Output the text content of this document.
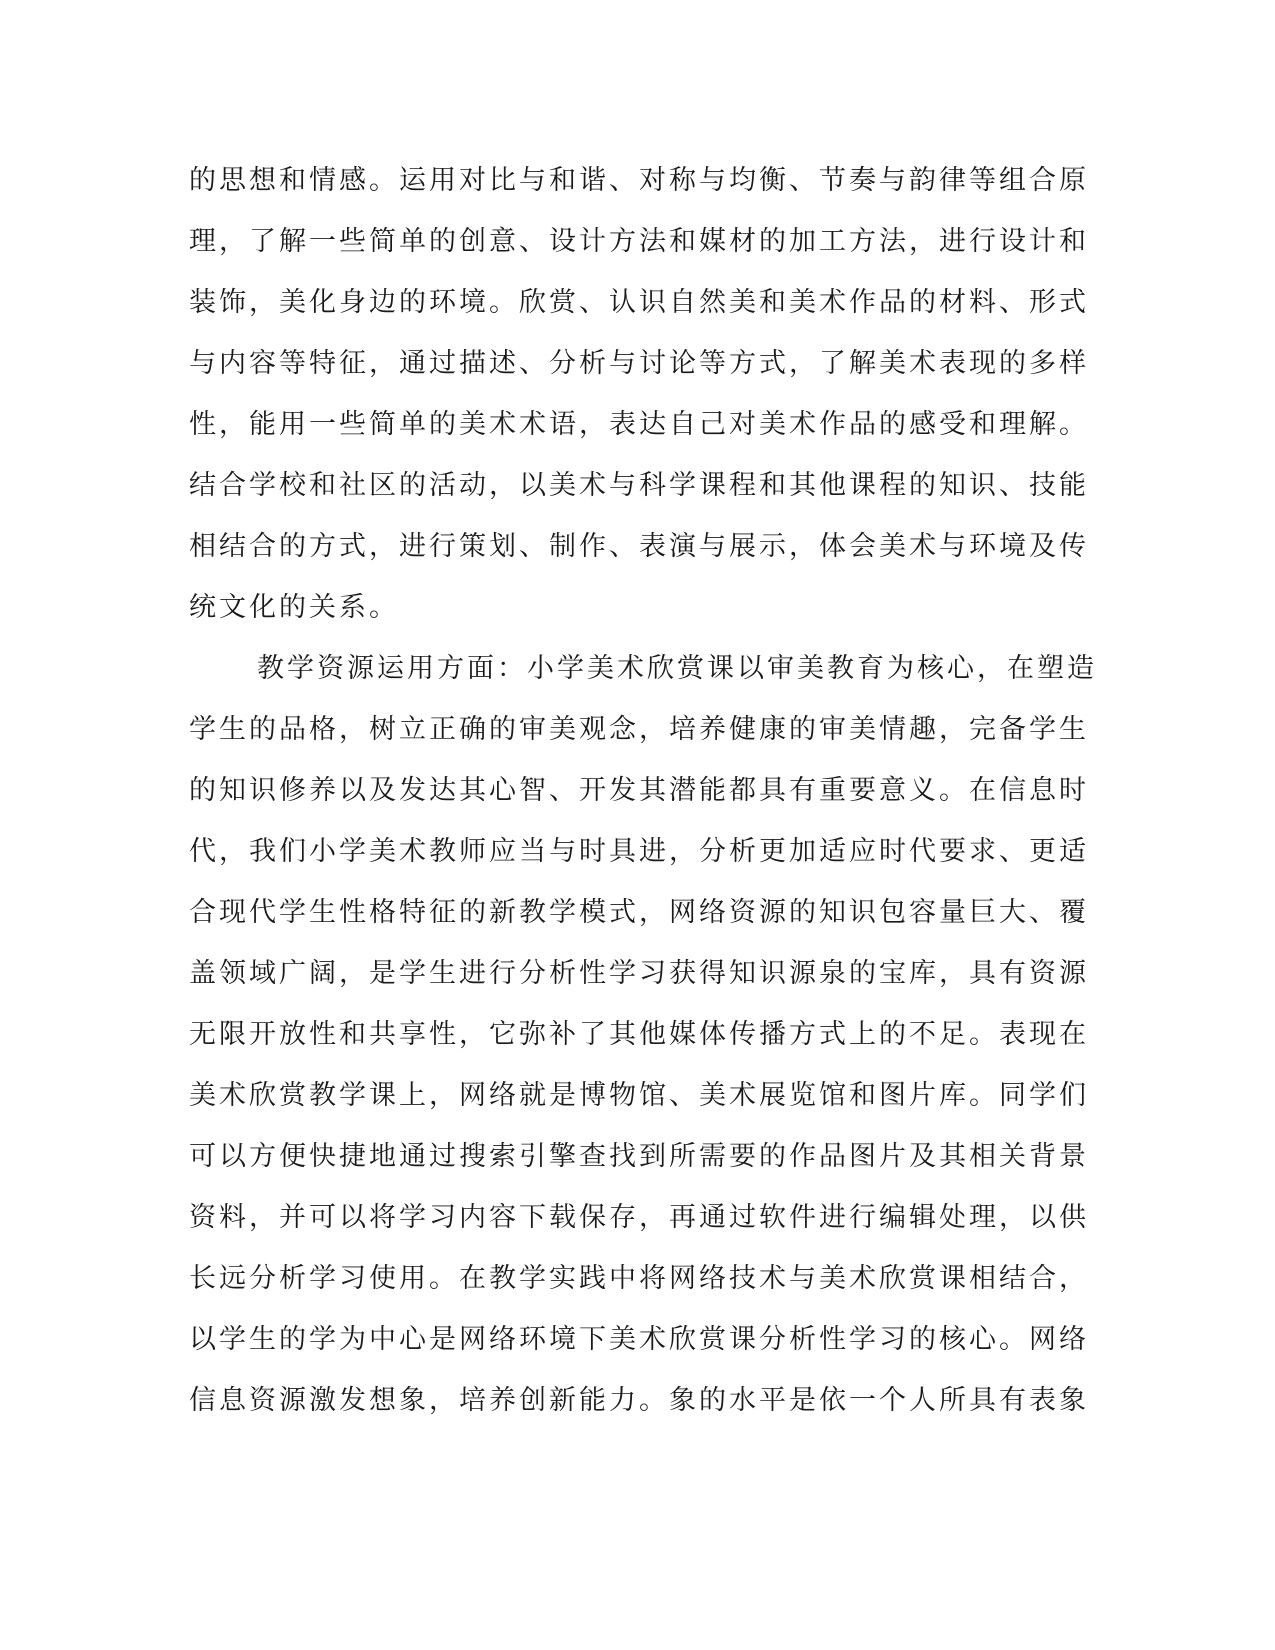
的思想和情感。运用对比与和谐、对称与均衡、节奏与韵律等组合原
理，了解一些简单的创意、设计方法和媒材的加工方法，进行设计和
装饰，美化身边的环境。欣赏、认识自然美和美术作品的材料、形式
与内容等特征，通过描述、分析与讨论等方式，了解美术表现的多样
性，能用一些简单的美术术语，表达自己对美术作品的感受和理解。
结合学校和社区的活动，以美术与科学课程和其他课程的知识、技能
相结合的方式，进行策划、制作、表演与展示，体会美术与环境及传
统文化的关系。
教学资源运用方面：小学美术欣赏课以审美教育为核心，在塑造
学生的品格，树立正确的审美观念，培养健康的审美情趣，完备学生
的知识修养以及发达其心智、开发其潜能都具有重要意义。在信息时
代，我们小学美术教师应当与时具进，分析更加适应时代要求、更适
合现代学生性格特征的新教学模式，网络资源的知识包容量巨大、覆
盖领域广阔，是学生进行分析性学习获得知识源泉的宝库，具有资源
无限开放性和共享性，它弥补了其他媒体传播方式上的不足。表现在
美术欣赏教学课上，网络就是博物馆、美术展览馆和图片库。同学们
可以方便快捷地通过搜索引擎查找到所需要的作品图片及其相关背景
资料，并可以将学习内容下载保存，再通过软件进行编辑处理，以供
长远分析学习使用。在教学实践中将网络技术与美术欣赏课相结合，
以学生的学为中心是网络环境下美术欣赏课分析性学习的核心。网络
信息资源激发想象，培养创新能力。象的水平是依一个人所具有表象
